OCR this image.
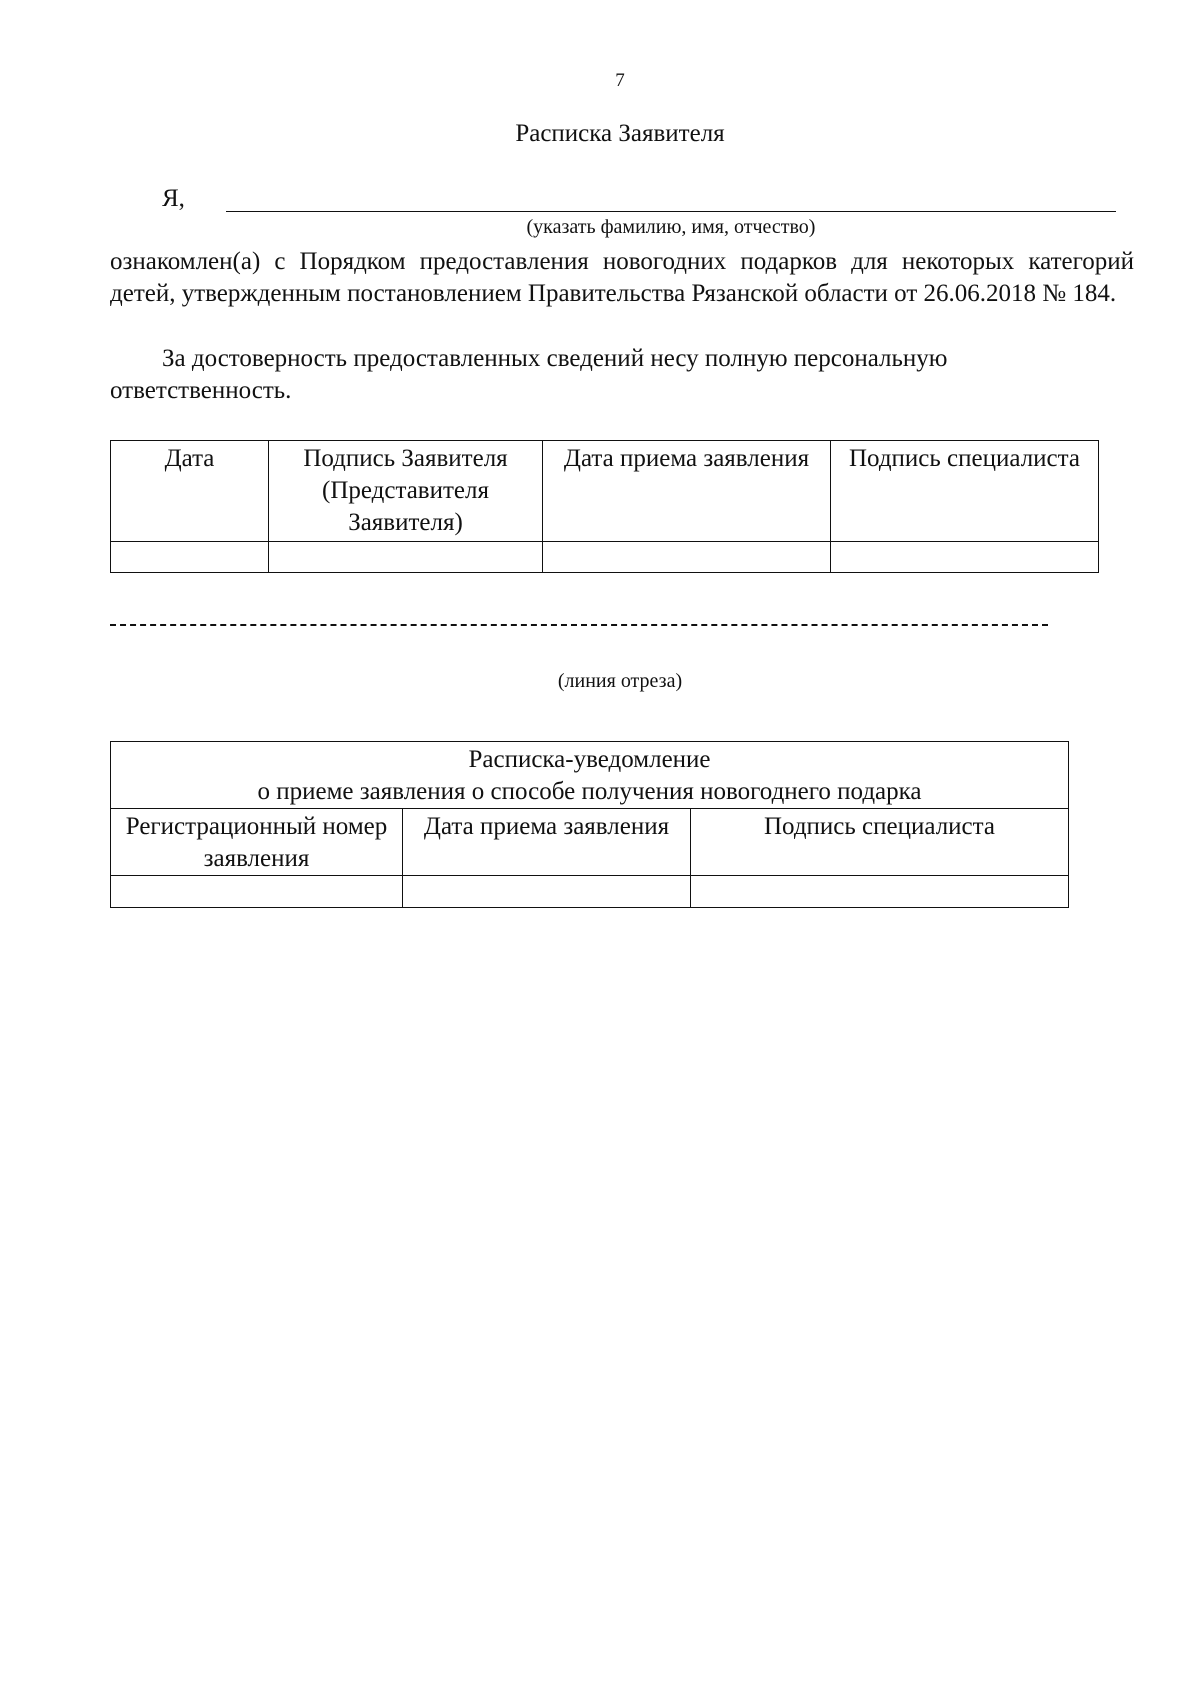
7
Расписка Заявителя
Я,
(указать фамилию, имя, отчество)

ознакомлен(а) с Порядком предоставления новогодних подарков для некоторых категорий детей, утвержденным постановлением Правительства Рязанской области от 26.06.2018 № 184.

За достоверность предоставленных сведений несу полную персональную ответственность.

Дата	Подпись Заявителя (Представителя Заявителя)	Дата приема заявления	Подпись специалиста

(линия отреза)
Расписка-уведомление
о приеме заявления о способе получения новогоднего подарка		

Регистрационный номер заявления	Дата приема заявления	Подпись специалиста
